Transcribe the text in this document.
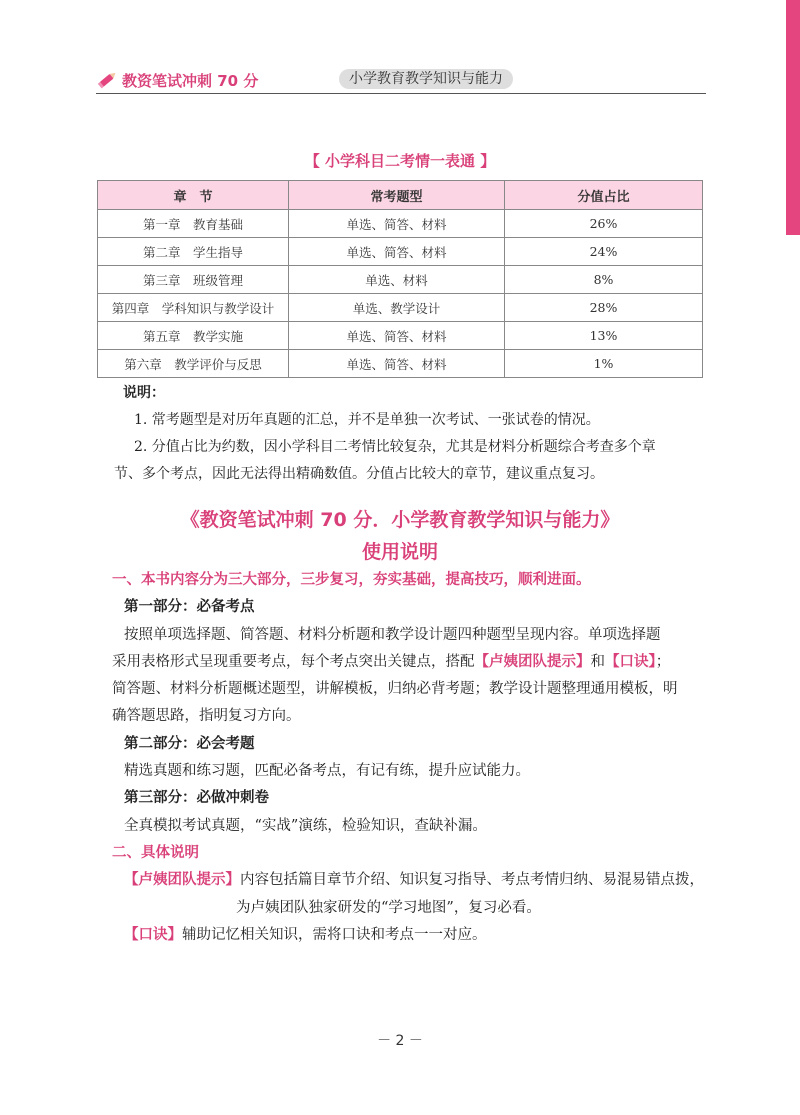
教资笔试冲刺 70 分	小学教育教学知识与能力
【 小学科目二考情一表通 】
章　节	常考题型	分值占比
第一章　教育基础	单选、简答、材料	26%
第二章　学生指导	单选、简答、材料	24%
第三章　班级管理	单选、材料	8%
第四章　学科知识与教学设计	单选、教学设计	28%
第五章　教学实施	单选、简答、材料	13%
第六章　教学评价与反思	单选、简答、材料	1%

说明：

1. 常考题型是对历年真题的汇总，并不是单独一次考试、一张试卷的情况。

2. 分值占比为约数，因小学科目二考情比较复杂，尤其是材料分析题综合考查多个章

节、多个考点，因此无法得出精确数值。分值占比较大的章节，建议重点复习。

《教资笔试冲刺 70 分．小学教育教学知识与能力》
使用说明

一、本书内容分为三大部分，三步复习，夯实基础，提高技巧，顺利进面。

第一部分：必备考点

按照单项选择题、简答题、材料分析题和教学设计题四种题型呈现内容。单项选择题

采用表格形式呈现重要考点，每个考点突出关键点，搭配【卢姨团队提示】和【口诀】；

简答题、材料分析题概述题型，讲解模板，归纳必背考题；教学设计题整理通用模板，明

确答题思路，指明复习方向。

第二部分：必会考题

精选真题和练习题，匹配必备考点，有记有练，提升应试能力。

第三部分：必做冲刺卷

全真模拟考试真题，“实战”演练，检验知识，查缺补漏。

二、具体说明

【卢姨团队提示】内容包括篇目章节介绍、知识复习指导、考点考情归纳、易混易错点拨，

为卢姨团队独家研发的“学习地图”，复习必看。

【口诀】辅助记忆相关知识，需将口诀和考点一一对应。

－ 2 －
